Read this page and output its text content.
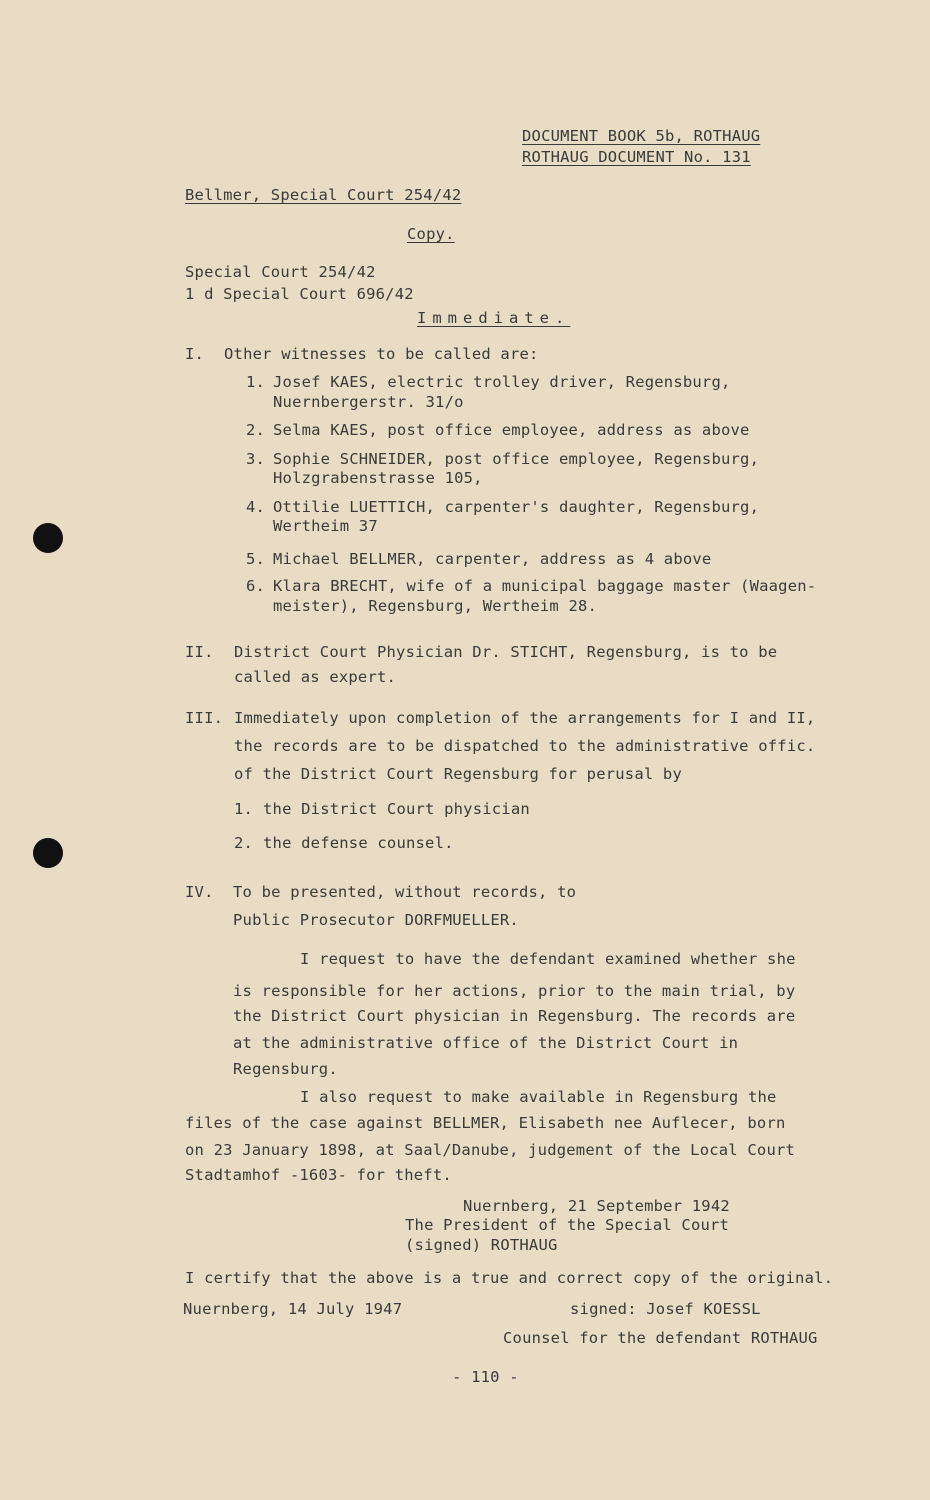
DOCUMENT BOOK 5b, ROTHAUG
ROTHAUG DOCUMENT No. 131
Bellmer, Special Court 254/42
Copy.
Special Court 254/42
1 d Special Court 696/42
Immediate.
I. Other witnesses to be called are:
1. Josef KAES, electric trolley driver, Regensburg,
Nuernbergerstr. 31/o
2. Selma KAES, post office employee, address as above
3. Sophie SCHNEIDER, post office employee, Regensburg,
Holzgrabenstrasse 105,
4. Ottilie LUETTICH, carpenter's daughter, Regensburg,
Wertheim 37
5. Michael BELLMER, carpenter, address as 4 above
6. Klara BRECHT, wife of a municipal baggage master (Waagen-
meister), Regensburg, Wertheim 28.
II. District Court Physician Dr. STICHT, Regensburg, is to be
called as expert.
III. Immediately upon completion of the arrangements for I and II,
the records are to be dispatched to the administrative offic.
of the District Court Regensburg for perusal by
1. the District Court physician
2. the defense counsel.
IV. To be presented, without records, to
Public Prosecutor DORFMUELLER.
I request to have the defendant examined whether she
is responsible for her actions, prior to the main trial, by
the District Court physician in Regensburg. The records are
at the administrative office of the District Court in
Regensburg.
I also request to make available in Regensburg the
files of the case against BELLMER, Elisabeth nee Auflecer, born
on 23 January 1898, at Saal/Danube, judgement of the Local Court
Stadtamhof -1603- for theft.
Nuernberg, 21 September 1942
The President of the Special Court
(signed) ROTHAUG
I certify that the above is a true and correct copy of the original.
Nuernberg, 14 July 1947	signed: Josef KOESSL
Counsel for the defendant ROTHAUG
- 110 -
